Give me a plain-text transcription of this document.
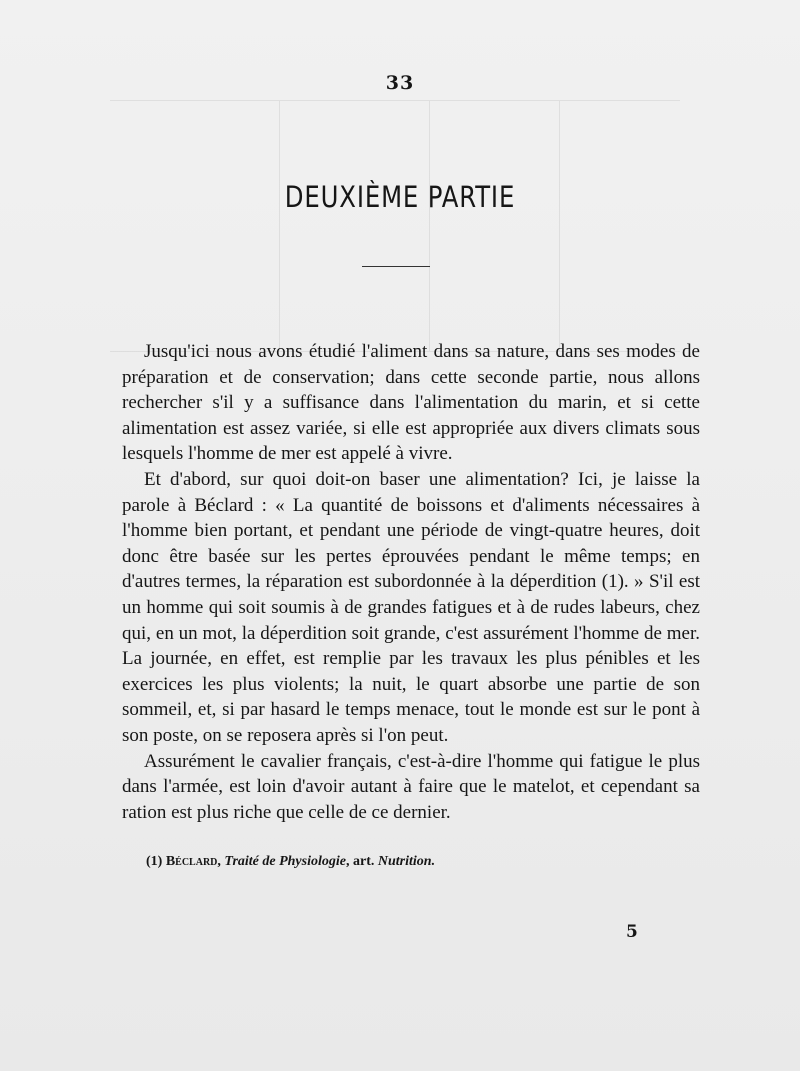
33
DEUXIÈME PARTIE

Jusqu'ici nous avons étudié l'aliment dans sa nature, dans ses modes de préparation et de conservation; dans cette seconde partie, nous allons rechercher s'il y a suffisance dans l'alimentation du marin, et si cette alimentation est assez variée, si elle est appropriée aux divers climats sous lesquels l'homme de mer est appelé à vivre.

Et d'abord, sur quoi doit-on baser une alimentation? Ici, je laisse la parole à Béclard : « La quantité de boissons et d'aliments nécessaires à l'homme bien portant, et pendant une période de vingt-quatre heures, doit donc être basée sur les pertes éprouvées pendant le même temps; en d'autres termes, la réparation est subordonnée à la déperdition (1). » S'il est un homme qui soit soumis à de grandes fatigues et à de rudes labeurs, chez qui, en un mot, la déperdition soit grande, c'est assurément l'homme de mer. La journée, en effet, est remplie par les travaux les plus pénibles et les exercices les plus violents; la nuit, le quart absorbe une partie de son sommeil, et, si par hasard le temps menace, tout le monde est sur le pont à son poste, on se reposera après si l'on peut.

Assurément le cavalier français, c'est-à-dire l'homme qui fatigue le plus dans l'armée, est loin d'avoir autant à faire que le matelot, et cependant sa ration est plus riche que celle de ce dernier.

(1) Béclard, Traité de Physiologie, art. Nutrition.
5
